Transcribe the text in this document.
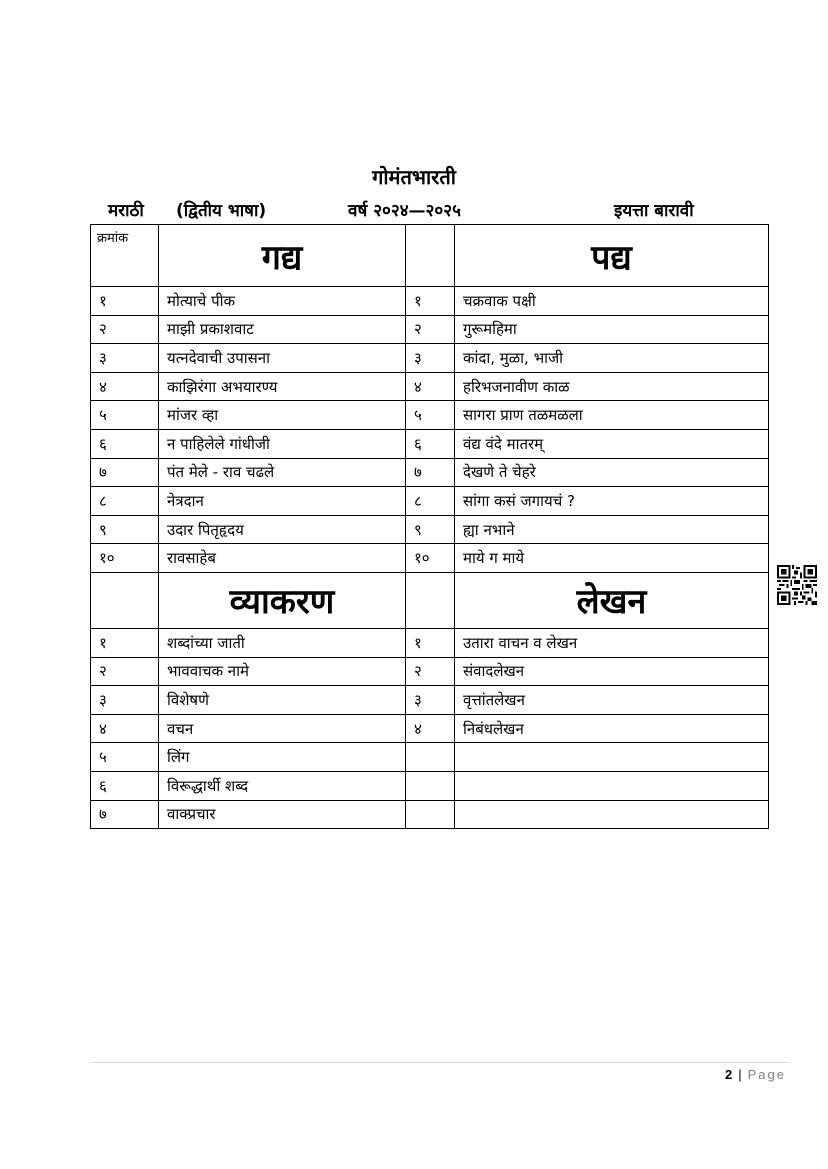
गोमंतभारती
मराठी (द्वितीय भाषा)	वर्ष २०२४—२०२५	इयत्ता बारावी
क्रमांक	गद्य		पद्य
१	मोत्याचे पीक	१	चक्रवाक पक्षी
२	माझी प्रकाशवाट	२	गुरूमहिमा
३	यत्नदेवाची उपासना	३	कांदा, मुळा, भाजी
४	काझिरंगा अभयारण्य	४	हरिभजनावीण काळ
५	मांजर व्हा	५	सागरा प्राण तळमळला
६	न पाहिलेले गांधीजी	६	वंद्य वंदे मातरम्
७	पंत मेले - राव चढले	७	देखणे ते चेहरे
८	नेत्रदान	८	सांगा कसं जगायचं ?
९	उदार पितृहृदय	९	ह्या नभाने
१०	रावसाहेब	१०	माये ग माये
	व्याकरण		लेखन
१	शब्दांच्या जाती	१	उतारा वाचन व लेखन
२	भाववाचक नामे	२	संवादलेखन
३	विशेषणे	३	वृत्तांतलेखन
४	वचन	४	निबंधलेखन
५	लिंग		
६	विरूद्धार्थी शब्द		
७	वाक्प्रचार		
2 | Page
